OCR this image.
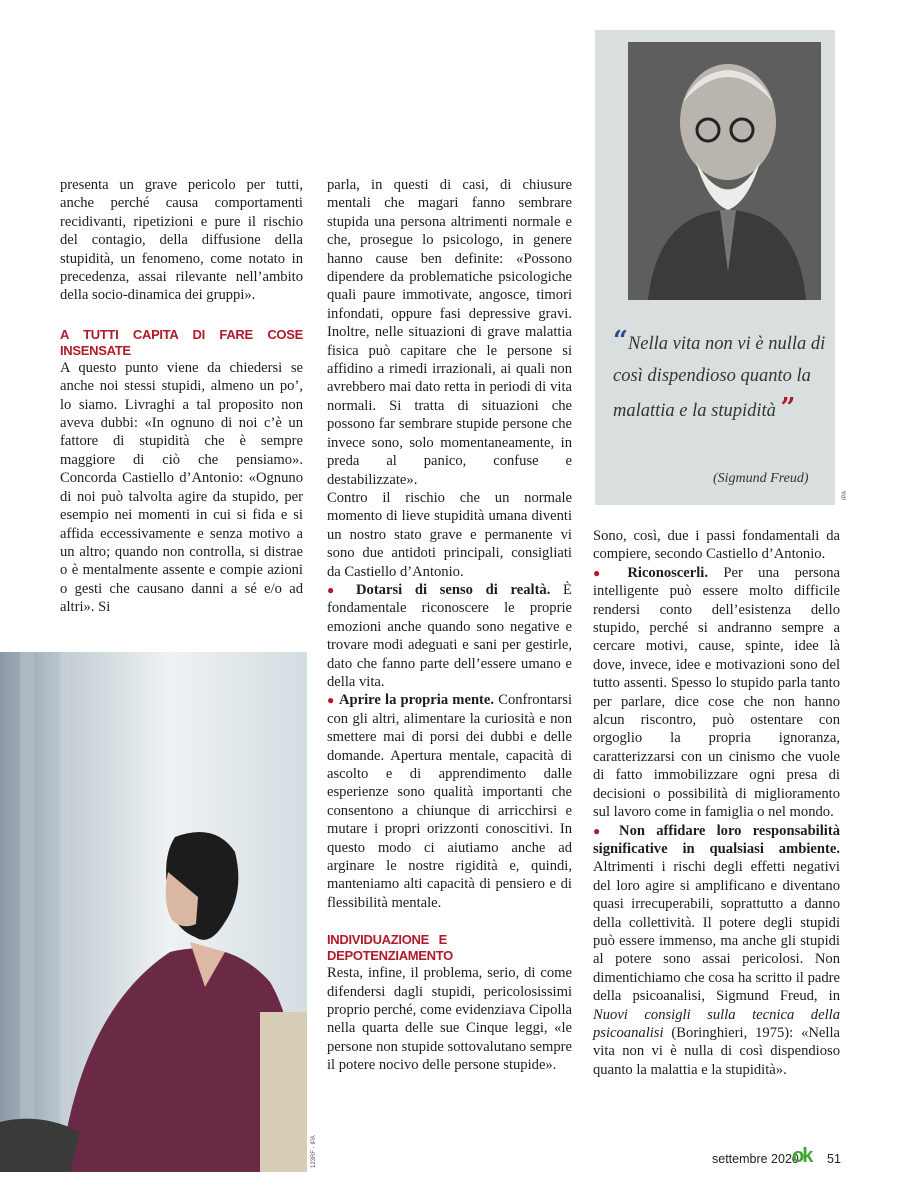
presenta un grave pericolo per tutti, anche perché causa comportamenti recidivanti, ripetizioni e pure il rischio del contagio, della diffusione della stupidità, un fenomeno, come notato in precedenza, assai rilevante nell’ambito della socio-dinamica dei gruppi».

A TUTTI CAPITA DI FARE COSE INSENSATE

A questo punto viene da chiedersi se anche noi stessi stupidi, almeno un po’, lo siamo. Livraghi a tal proposito non aveva dubbi: «In ognuno di noi c’è un fattore di stupidità che è sempre maggiore di ciò che pensiamo». Concorda Castiello d’Antonio: «Ognuno di noi può talvolta agire da stupido, per esempio nei momenti in cui si fida e si affida eccessivamente e senza motivo a un altro; quando non controlla, si distrae o è mentalmente assente e compie azioni o gesti che causano danni a sé e/o ad altri». Si

parla, in questi di casi, di chiusure mentali che magari fanno sembrare stupida una persona altrimenti normale e che, prosegue lo psicologo, in genere hanno cause ben definite: «Possono dipendere da problematiche psicologiche quali paure immotivate, angosce, timori infondati, oppure fasi depressive gravi. Inoltre, nelle situazioni di grave malattia fisica può capitare che le persone si affidino a rimedi irrazionali, ai quali non avrebbero mai dato retta in periodi di vita normali. Si tratta di situazioni che possono far sembrare stupide persone che invece sono, solo momentaneamente, in preda al panico, confuse e destabilizzate».

Contro il rischio che un normale momento di lieve stupidità umana diventi un nostro stato grave e permanente vi sono due antidoti principali, consigliati da Castiello d’Antonio.

● Dotarsi di senso di realtà. È fondamentale riconoscere le proprie emozioni anche quando sono negative e trovare modi adeguati e sani per gestirle, dato che fanno parte dell’essere umano e della vita.

● Aprire la propria mente. Confrontarsi con gli altri, alimentare la curiosità e non smettere mai di porsi dei dubbi e delle domande. Apertura mentale, capacità di ascolto e di apprendimento dalle esperienze sono qualità importanti che consentono a chiunque di arricchirsi e mutare i propri orizzonti conoscitivi. In questo modo ci aiutiamo anche ad arginare le nostre rigidità e, quindi, manteniamo alti capacità di pensiero e di flessibilità mentale.

INDIVIDUAZIONE E DEPOTENZIAMENTO

Resta, infine, il problema, serio, di come difendersi dagli stupidi, pericolosissimi proprio perché, come evidenziava Cipolla nella quarta delle sue Cinque leggi, «le persone non stupide sottovalutano sempre il potere nocivo delle persone stupide».

“Nella vita non vi è nulla di così dispendioso quanto la malattia e la stupidità ”
(Sigmund Freud)
IPA

Sono, così, due i passi fondamentali da compiere, secondo Castiello d’Antonio.

● Riconoscerli. Per una persona intelligente può essere molto difficile rendersi conto dell’esistenza dello stupido, perché si andranno sempre a cercare motivi, cause, spinte, idee là dove, invece, idee e motivazioni sono del tutto assenti. Spesso lo stupido parla tanto per parlare, dice cose che non hanno alcun riscontro, può ostentare con orgoglio la propria ignoranza, caratterizzarsi con un cinismo che vuole di fatto immobilizzare ogni presa di decisioni o possibilità di miglioramento sul lavoro come in famiglia o nel mondo.

● Non affidare loro responsabilità significative in qualsiasi ambiente. Altrimenti i rischi degli effetti negativi del loro agire si amplificano e diventano quasi irrecuperabili, soprattutto a danno della collettività. Il potere degli stupidi può essere immenso, ma anche gli stupidi al potere sono assai pericolosi. Non dimentichiamo che cosa ha scritto il padre della psicoanalisi, Sigmund Freud, in Nuovi consigli sulla tecnica della psicoanalisi (Boringhieri, 1975): «Nella vita non vi è nulla di così dispendioso quanto la malattia e la stupidità».

123RF - IPA	settembre 2020
ok 51
